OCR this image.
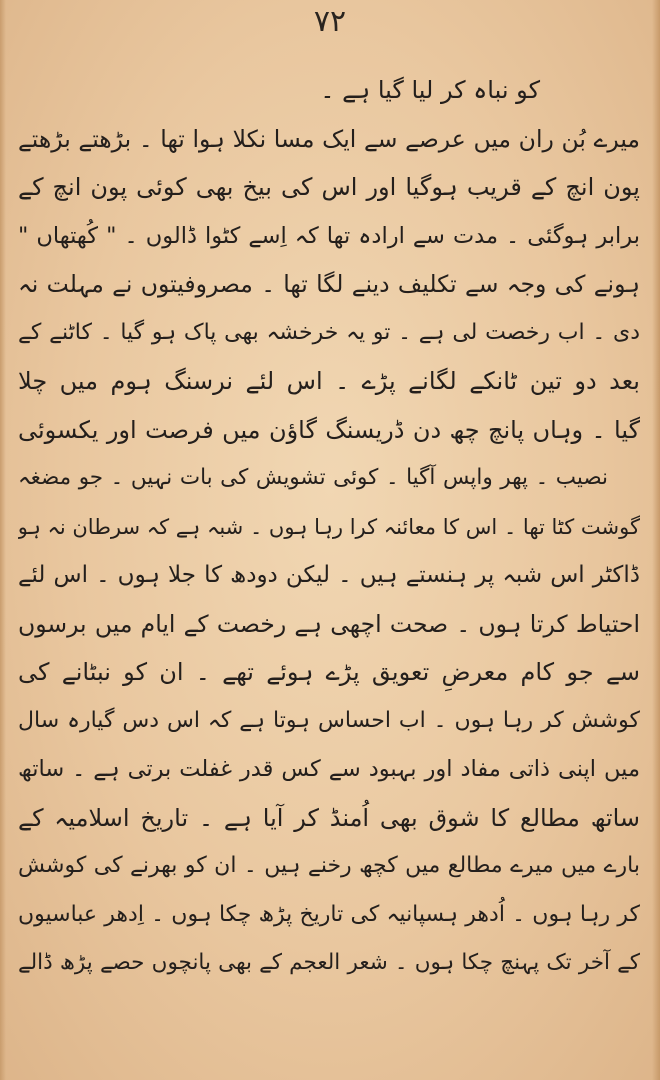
۷۲
کو نباہ کر لیا گیا ہے ۔
میرے بُن ران میں عرصے سے ایک مسا نکلا ہوا تھا ۔ بڑھتے بڑھتے
پون انچ کے قریب ہوگیا اور اس کی بیخ بھی کوئی پون انچ کے
برابر ہوگئی ۔ مدت سے ارادہ تھا کہ اِسے کٹوا ڈالوں ۔ " کُھتھاں "
ہونے کی وجہ سے تکلیف دینے لگا تھا ۔ مصروفیتوں نے مہلت نہ
دی ۔ اب رخصت لی ہے ۔ تو یہ خرخشہ بھی پاک ہو گیا ۔ کاٹنے کے
بعد دو تین ٹانکے لگانے پڑے ۔ اس لئے نرسنگ ہوم میں چلا
گیا ۔ وہاں پانچ چھ دن ڈریسنگ گاؤن میں فرصت اور یکسوئی
نصیب ۔ پھر واپس آگیا ۔ کوئی تشویش کی بات نہیں ۔ جو مضغہ
گوشت کٹا تھا ۔ اس کا معائنہ کرا رہا ہوں ۔ شبہ ہے کہ سرطان نہ ہو
ڈاکٹر اس شبہ پر ہنستے ہیں ۔ لیکن دودھ کا جلا ہوں ۔ اس لئے
احتیاط کرتا ہوں ۔ صحت اچھی ہے رخصت کے ایام میں برسوں
سے جو کام معرضِ تعویق پڑے ہوئے تھے ۔ ان کو نبٹانے کی
کوشش کر رہا ہوں ۔ اب احساس ہوتا ہے کہ اس دس گیارہ سال
میں اپنی ذاتی مفاد اور بہبود سے کس قدر غفلت برتی ہے ۔ ساتھ
ساتھ مطالع کا شوق بھی اُمنڈ کر آیا ہے ۔ تاریخ اسلامیہ کے
بارے میں میرے مطالع میں کچھ رخنے ہیں ۔ ان کو بھرنے کی کوشش
کر رہا ہوں ۔ اُدھر ہسپانیہ کی تاریخ پڑھ چکا ہوں ۔ اِدھر عباسیوں
کے آخر تک پہنچ چکا ہوں ۔ شعر العجم کے بھی پانچوں حصے پڑھ ڈالے
